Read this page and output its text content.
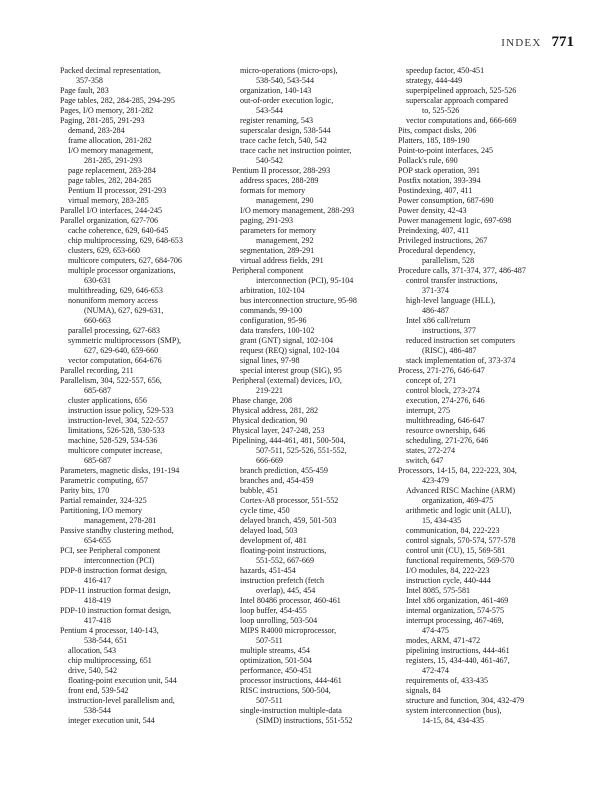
INDEX 771
Packed decimal representation,
357-358
Page fault, 283
Page tables, 282, 284-285, 294-295
Pages, I/O memory, 281-282
Paging, 281-285, 291-293
demand, 283-284
frame allocation, 281-282
I/O memory management,
281-285, 291-293
page replacement, 283-284
page tables, 282, 284-285
Pentium II processor, 291-293
virtual memory, 283-285
Parallel I/O interfaces, 244-245
Parallel organization, 627-706
cache coherence, 629, 640-645
chip multiprocessing, 629, 648-653
clusters, 629, 653-660
multicore computers, 627, 684-706
multiple processor organizations,
630-631
multithreading, 629, 646-653
nonuniform memory access
(NUMA), 627, 629-631,
660-663
parallel processing, 627-683
symmetric multiprocessors (SMP),
627, 629-640, 659-660
vector computation, 664-676
Parallel recording, 211
Parallelism, 304, 522-557, 656,
685-687
cluster applications, 656
instruction issue policy, 529-533
instruction-level, 304, 522-557
limitations, 526-528, 530-533
machine, 528-529, 534-536
multicore computer increase,
685-687
Parameters, magnetic disks, 191-194
Parametric computing, 657
Parity bits, 170
Partial remainder, 324-325
Partitioning, I/O memory
management, 278-281
Passive standby clustering method,
654-655
PCI, see Peripheral component
interconnection (PCI)
PDP-8 instruction format design,
416-417
PDP-11 instruction format design,
418-419
PDP-10 instruction format design,
417-418
Pentium 4 processor, 140-143,
538-544, 651
allocation, 543
chip multiprocessing, 651
drive, 540, 542
floating-point execution unit, 544
front end, 539-542
instruction-level parallelism and,
538-544
integer execution unit, 544
micro-operations (micro-ops),
538-540, 543-544
organization, 140-143
out-of-order execution logic,
543-544
register renaming, 543
superscalar design, 538-544
trace cache fetch, 540, 542
trace cache net instruction pointer,
540-542
Pentium II processor, 288-293
address spaces, 288-289
formats for memory
management, 290
I/O memory management, 288-293
paging, 291-293
parameters for memory
management, 292
segmentation, 289-291
virtual address fields, 291
Peripheral component
interconnection (PCI), 95-104
arbitration, 102-104
bus interconnection structure, 95-98
commands, 99-100
configuration, 95-96
data transfers, 100-102
grant (GNT) signal, 102-104
request (REQ) signal, 102-104
signal lines, 97-98
special interest group (SIG), 95
Peripheral (external) devices, I/O,
219-221
Phase change, 208
Physical address, 281, 282
Physical dedication, 90
Physical layer, 247-248, 253
Pipelining, 444-461, 481, 500-504,
507-511, 525-526, 551-552,
666-669
branch prediction, 455-459
branches and, 454-459
bubble, 451
Cortex-A8 processor, 551-552
cycle time, 450
delayed branch, 459, 501-503
delayed load, 503
development of, 481
floating-point instructions,
551-552, 667-669
hazards, 451-454
instruction prefetch (fetch
overlap), 445, 454
Intel 80486 processor, 460-461
loop buffer, 454-455
loop unrolling, 503-504
MIPS R4000 microprocessor,
507-511
multiple streams, 454
optimization, 501-504
performance, 450-451
processor instructions, 444-461
RISC instructions, 500-504,
507-511
single-instruction multiple-data
(SIMD) instructions, 551-552
speedup factor, 450-451
strategy, 444-449
superpipelined approach, 525-526
superscalar approach compared
to, 525-526
vector computations and, 666-669
Pits, compact disks, 206
Platters, 185, 189-190
Point-to-point interfaces, 245
Pollack's rule, 690
POP stack operation, 391
Postfix notation, 393-394
Postindexing, 407, 411
Power consumption, 687-690
Power density, 42-43
Power management logic, 697-698
Preindexing, 407, 411
Privileged instructions, 267
Procedural dependency,
parallelism, 528
Procedure calls, 371-374, 377, 486-487
control transfer instructions,
371-374
high-level language (HLL),
486-487
Intel x86 call/return
instructions, 377
reduced instruction set computers
(RISC), 486-487
stack implementation of, 373-374
Process, 271-276, 646-647
concept of, 271
control block, 273-274
execution, 274-276, 646
interrupt, 275
multithreading, 646-647
resource ownership, 646
scheduling, 271-276, 646
states, 272-274
switch, 647
Processors, 14-15, 84, 222-223, 304,
423-479
Advanced RISC Machine (ARM)
organization, 469-475
arithmetic and logic unit (ALU),
15, 434-435
communication, 84, 222-223
control signals, 570-574, 577-578
control unit (CU), 15, 569-581
functional requirements, 569-570
I/O modules, 84, 222-223
instruction cycle, 440-444
Intel 8085, 575-581
Intel x86 organization, 461-469
internal organization, 574-575
interrupt processing, 467-469,
474-475
modes, ARM, 471-472
pipelining instructions, 444-461
registers, 15, 434-440, 461-467,
472-474
requirements of, 433-435
signals, 84
structure and function, 304, 432-479
system interconnection (bus),
14-15, 84, 434-435
